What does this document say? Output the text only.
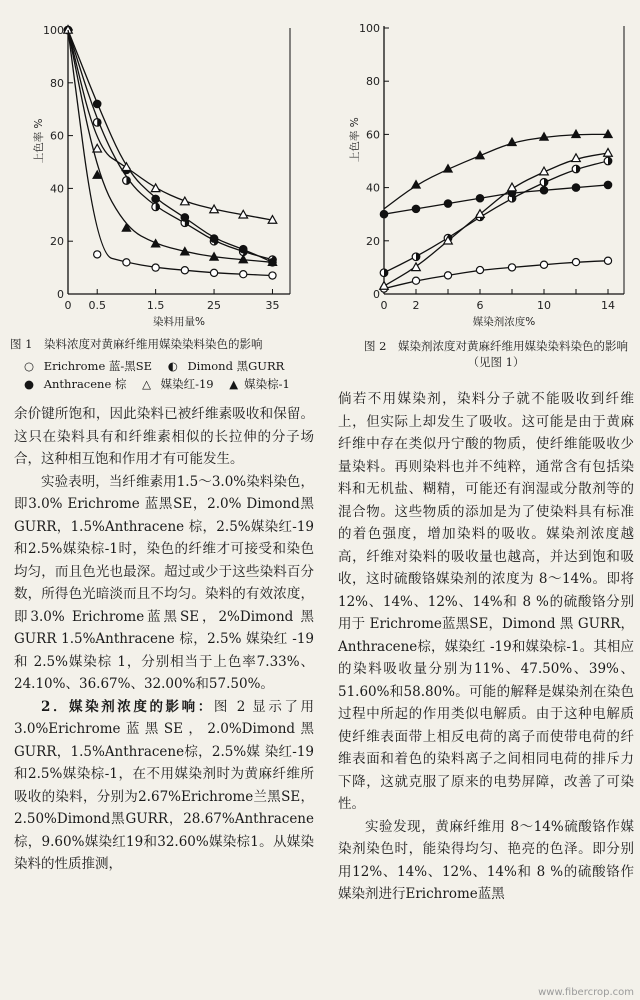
0
20
40
60
80
100
0 0.5	1.5	25	35
染料用量%
上色率 %
图 1　染料浓度对黄麻纤维用媒染染料染色的影响
○ Erichrome 蓝-黑SE ◐ Dimond 黑GURR
● Anthracene 棕 △ 媒染红-19 ▲ 媒染棕-1
0
20
40
60
80
100
0 2	6	10	14
媒染剂浓度%
上色率 %
图 2　媒染剂浓度对黄麻纤维用媒染染料染色的影响（见图 1）

余价键所饱和，因此染料已被纤维素吸收和保留。这只在染料具有和纤维素相似的长拉伸的分子场合，这种相互饱和作用才有可能发生。

实验表明，当纤维素用1.5～3.0%染料染色，即3.0% Erichrome 蓝黑SE，2.0% Dimond黑GURR，1.5%Anthracene 棕，2.5%媒染红-19和2.5%媒染棕-1时，染色的纤维才可接受和染色均匀，而且色光也最深。超过或少于这些染料百分数，所得色光暗淡而且不均匀。染料的有效浓度，即3.0% Erichrome蓝黑SE，2%Dimond 黑 GURR 1.5%Anthracene 棕，2.5% 媒染红 -19和 2.5%媒染棕 1，分别相当于上色率7.33%、24.10%、36.67%、32.00%和57.50%。

2．媒染剂浓度的影响：图 2 显示了用 3.0%Erichrome蓝黑SE，2.0%Dimond黑GURR，1.5%Anthracene棕，2.5%媒 染红-19和2.5%媒染棕-1，在不用媒染剂时为黄麻纤维所吸收的染料，分别为2.67%Erichrome兰黑SE，2.50%Dimond黑GURR，28.67%Anthracene棕，9.60%媒染红19和32.60%媒染棕1。从媒染染料的性质推测，

倘若不用媒染剂，染料分子就不能吸收到纤维上，但实际上却发生了吸收。这可能是由于黄麻纤维中存在类似丹宁酸的物质，使纤维能吸收少量染料。再则染料也并不纯粹，通常含有包括染料和无机盐、糊精，可能还有润湿或分散剂等的混合物。这些物质的添加是为了使染料具有标准的着色强度，增加染料的吸收。媒染剂浓度越高，纤维对染料的吸收量也越高，并达到饱和吸收，这时硫酸铬媒染剂的浓度为 8～14%。即将12%、14%、12%、14%和 8 %的硫酸铬分别用于 Erichrome蓝黑SE，Dimond 黑 GURR，Anthracene棕，媒染红 -19和媒染棕-1。其相应的染料吸收量分别为11%、47.50%、39%、51.60%和58.80%。可能的解释是媒染剂在染色过程中所起的作用类似电解质。由于这种电解质使纤维表面带上相反电荷的离子而使带电荷的纤维表面和着色的染料离子之间相同电荷的排斥力下降，这就克服了原来的电势屏障，改善了可染性。

实验发现，黄麻纤维用 8～14%硫酸铬作媒染剂染色时，能染得均匀、艳亮的色泽。即分别用12%、14%、12%、14%和 8 %的硫酸铬作媒染剂进行Erichrome蓝黑

www.fibercrop.com
